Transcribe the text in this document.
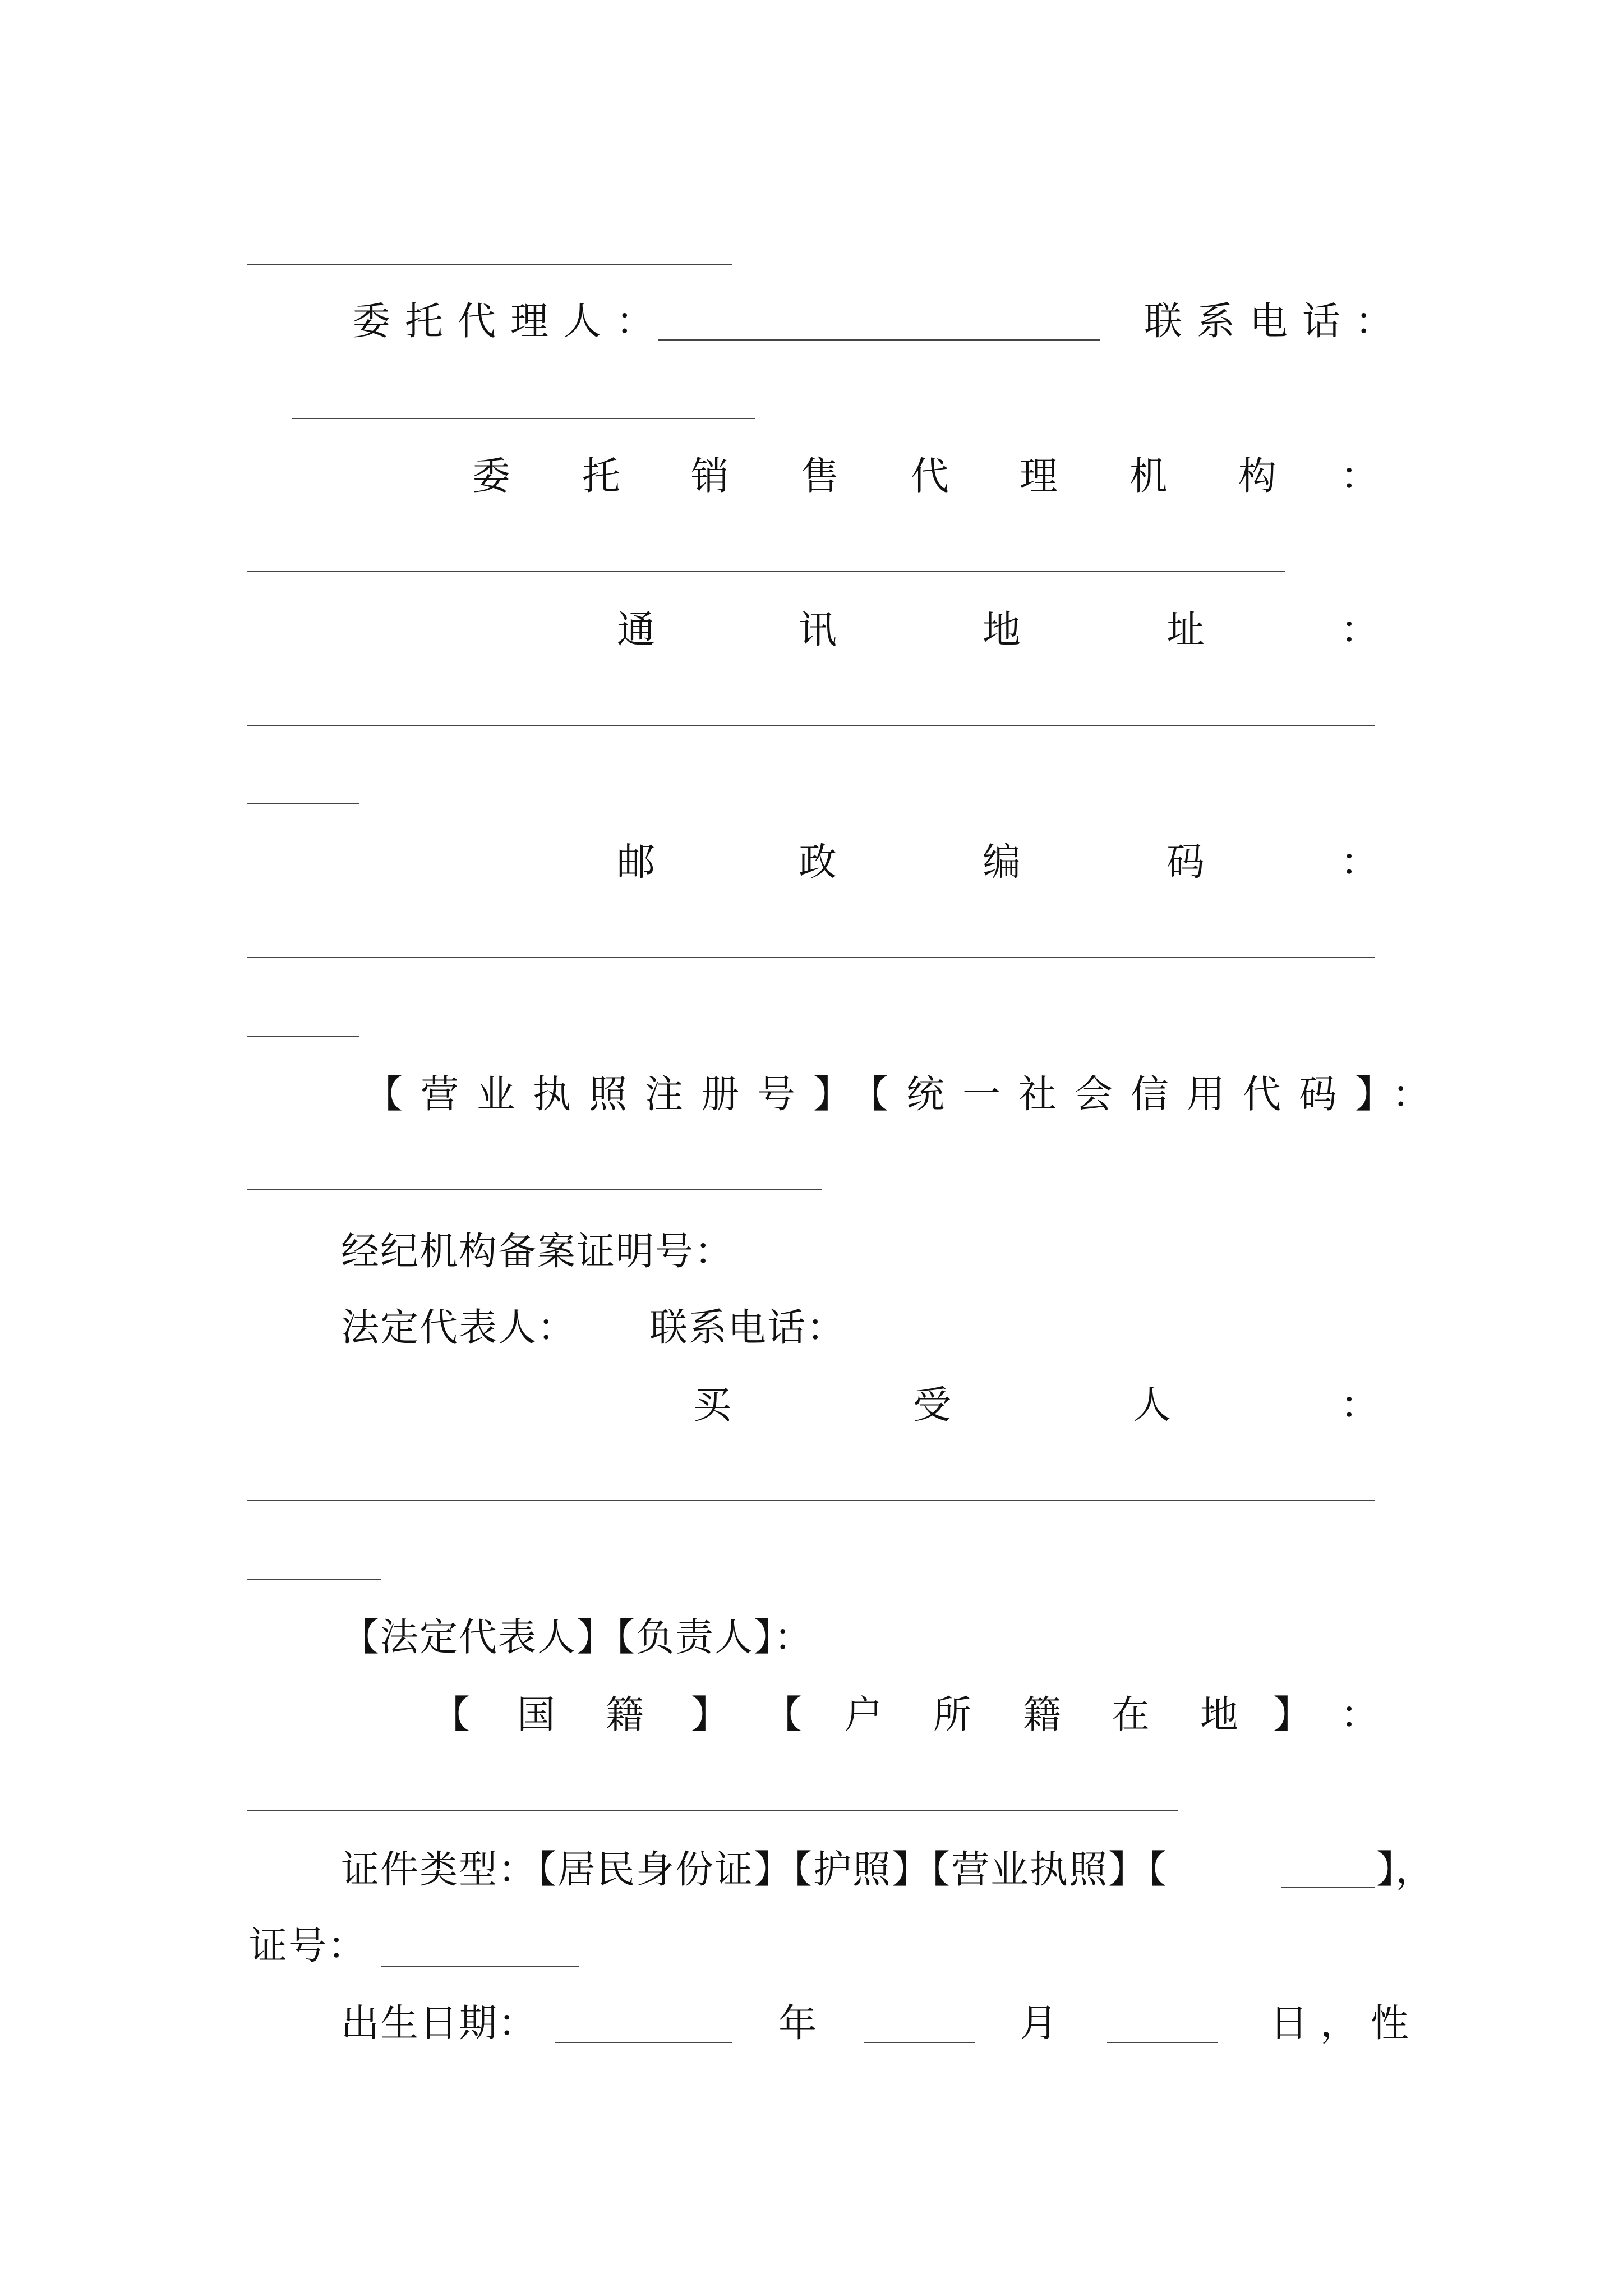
委托代理人：	联系电话：
委 托 销 售 代 理 机 构 ：
通	讯	地	址	：
邮	政	编	码	：
【营业执照注册号】【统一社会信用代码】：
经纪机构备案证明号：
法定代表人： 联系电话：
买	受	人	：
【法定代表人】【负责人】：
【 国 籍 】 【 户 所 籍 在 地 】 ：
证件类型：【居民身份证】【护照】【营业执照】【	】，
证号：
出生日期：	年	月	日，性
